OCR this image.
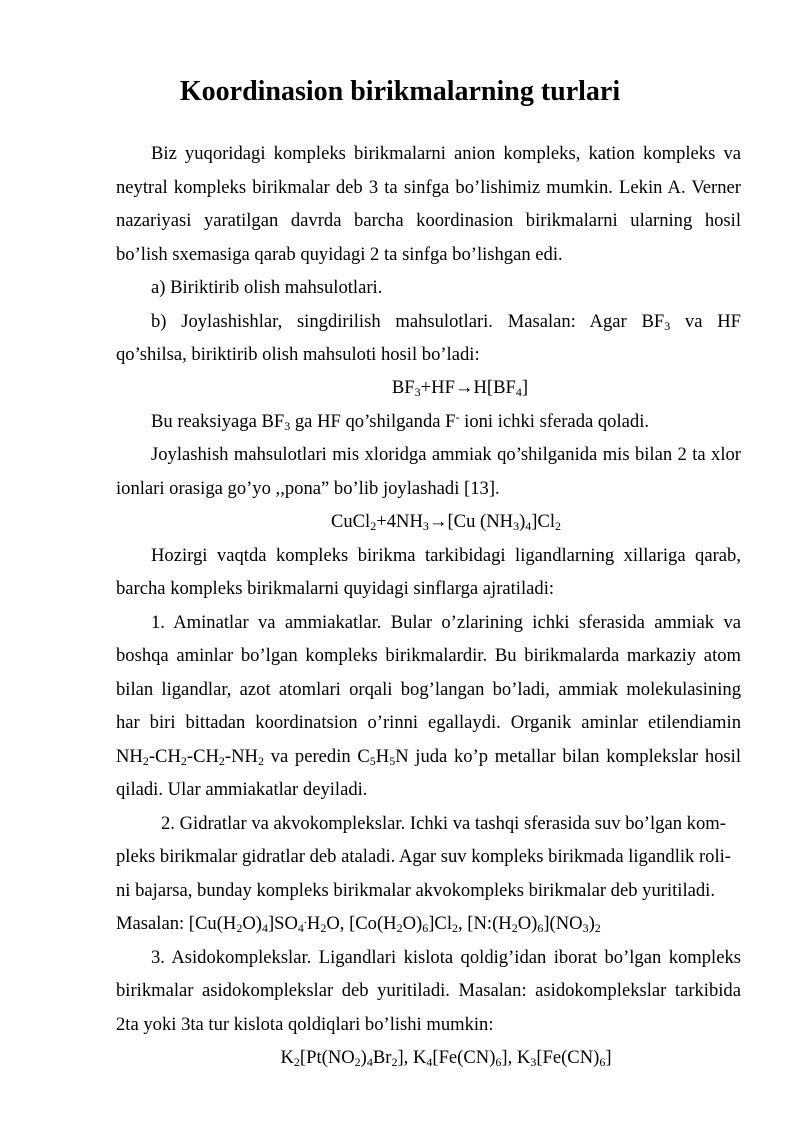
Koordinasion birikmalarning turlari
Biz yuqoridagi kompleks birikmalarni anion kompleks, kation kompleks va
neytral kompleks birikmalar deb 3 ta sinfga bo’lishimiz mumkin. Lekin A. Verner
nazariyasi yaratilgan davrda barcha koordinasion birikmalarni ularning hosil
bo’lish sxemasiga qarab quyidagi 2 ta sinfga bo’lishgan edi.
a) Biriktirib olish mahsulotlari.
b) Joylashishlar, singdirilish mahsulotlari. Masalan: Agar $BF_3$ va HF
qo’shilsa, biriktirib olish mahsuloti hosil bo’ladi:
$BF_3+HF\to H[BF_4]$
Bu reaksiyaga $BF_3$ ga HF qo’shilganda F- ioni ichki sferada qoladi.
Joylashish mahsulotlari mis xloridga ammiak qo’shilganida mis bilan 2 ta xlor
ionlari orasiga go’yo ,,pona” bo’lib joylashadi [13].
$CuCl_2+4NH_3\to[Cu$ $(NH_3)_4]Cl_2$
Hozirgi vaqtda kompleks birikma tarkibidagi ligandlarning xillariga qarab,
barcha kompleks birikmalarni quyidagi sinflarga ajratiladi:
1. Aminatlar va ammiakatlar. Bular o’zlarining ichki sferasida ammiak va
boshqa aminlar bo’lgan kompleks birikmalardir. Bu birikmalarda markaziy atom
bilan ligandlar, azot atomlari orqali bog’langan bo’ladi, ammiak molekulasining
har biri bittadan koordinatsion o’rinni egallaydi. Organik aminlar etilendiamin
$NH_2-CH_2-CH_2-NH_2$ va peredin $C_5H_5N$ juda ko’p metallar bilan komplekslar hosil
qiladi. Ular ammiakatlar deyiladi.
2. Gidratlar va akvokomplekslar. Ichki va tashqi sferasida suv bo’lgan kom-
pleks birikmalar gidratlar deb ataladi. Agar suv kompleks birikmada ligandlik roli-
ni bajarsa, bunday kompleks birikmalar akvokompleks birikmalar deb yuritiladi.
Masalan: $[Cu(H_2O)_4]SO_4^.H_2O$, $[Co(H_2O)_6]Cl_2$, $[N:(H_2O)_6](NO_3)_2$
3. Asidokomplekslar. Ligandlari kislota qoldig’idan iborat bo’lgan kompleks
birikmalar asidokomplekslar deb yuritiladi. Masalan: asidokomplekslar tarkibida
2ta yoki 3ta tur kislota qoldiqlari bo’lishi mumkin:
$K_2[Pt(NO_2)_4Br_2]$, $K_4[Fe(CN)_6]$, $K_3[Fe(CN)_6]$
